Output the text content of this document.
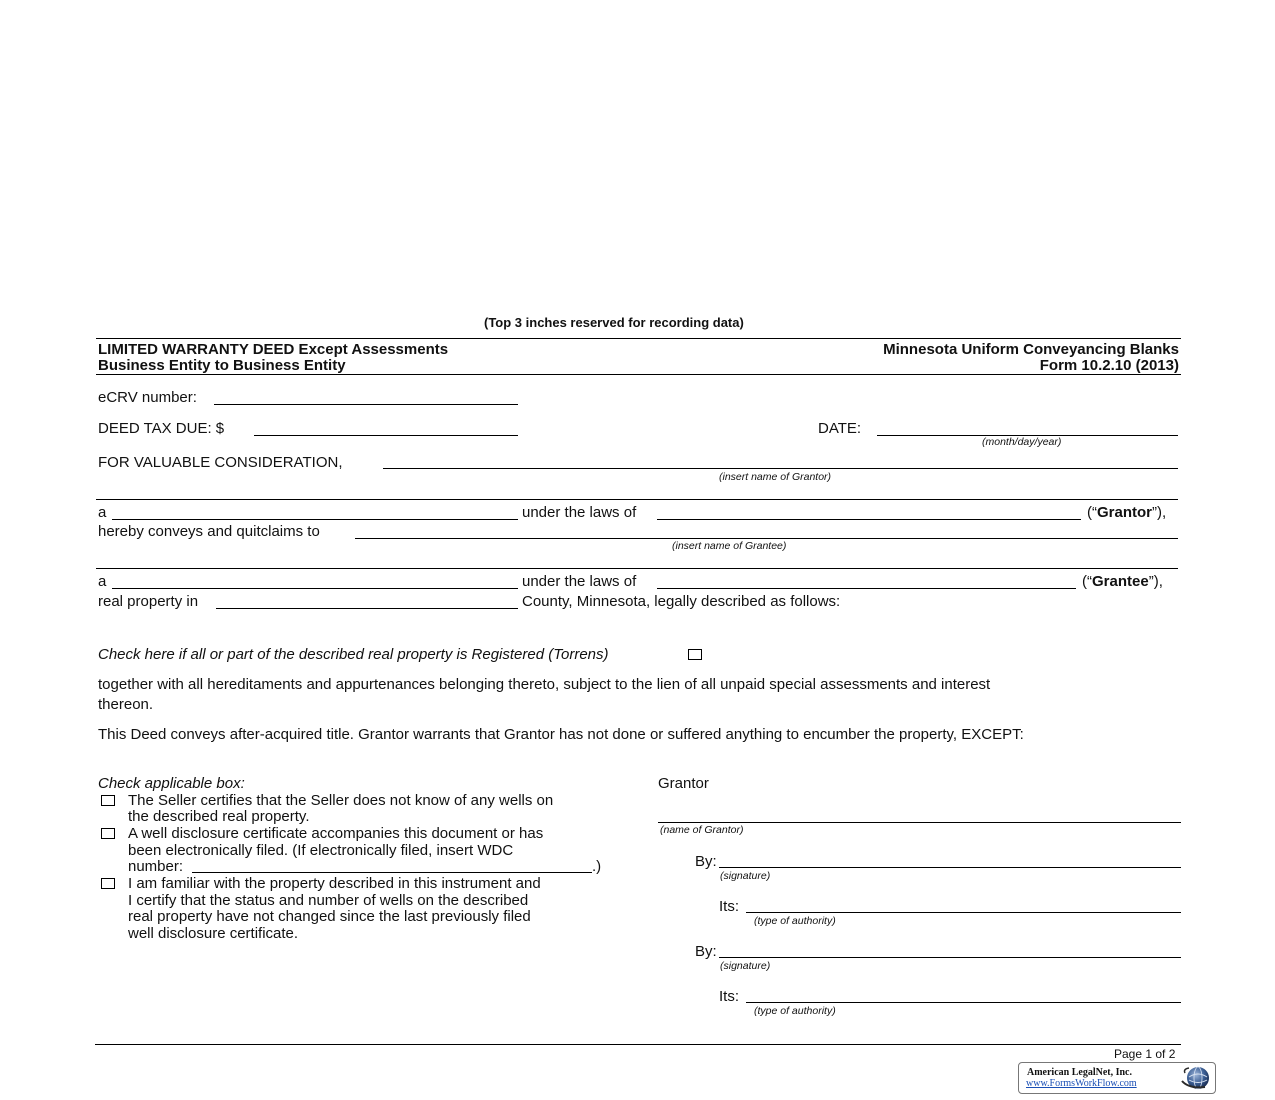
(Top 3 inches reserved for recording data)
LIMITED WARRANTY DEED Except Assessments
Business Entity to Business Entity
Minnesota Uniform Conveyancing Blanks
Form 10.2.10 (2013)
eCRV number:
DEED TAX DUE: $	DATE:
(month/day/year)
FOR VALUABLE CONSIDERATION,
(insert name of Grantor)
a	under the laws of	(“Grantor”),
hereby conveys and quitclaims to
(insert name of Grantee)
a	under the laws of	(“Grantee”),
real property in	County, Minnesota, legally described as follows:
Check here if all or part of the described real property is Registered (Torrens)
together with all hereditaments and appurtenances belonging thereto, subject to the lien of all unpaid special assessments and interest
thereon.
This Deed conveys after-acquired title. Grantor warrants that Grantor has not done or suffered anything to encumber the property, EXCEPT:
Check applicable box:
The Seller certifies that the Seller does not know of any wells on
the described real property.
A well disclosure certificate accompanies this document or has
been electronically filed. (If electronically filed, insert WDC
number:	.)
I am familiar with the property described in this instrument and
I certify that the status and number of wells on the described
real property have not changed since the last previously filed
well disclosure certificate.
Grantor
(name of Grantor)
By:
(signature)
Its:
(type of authority)
By:
(signature)
Its:
(type of authority)
Page 1 of 2
American LegalNet, Inc.
www.FormsWorkFlow.com
